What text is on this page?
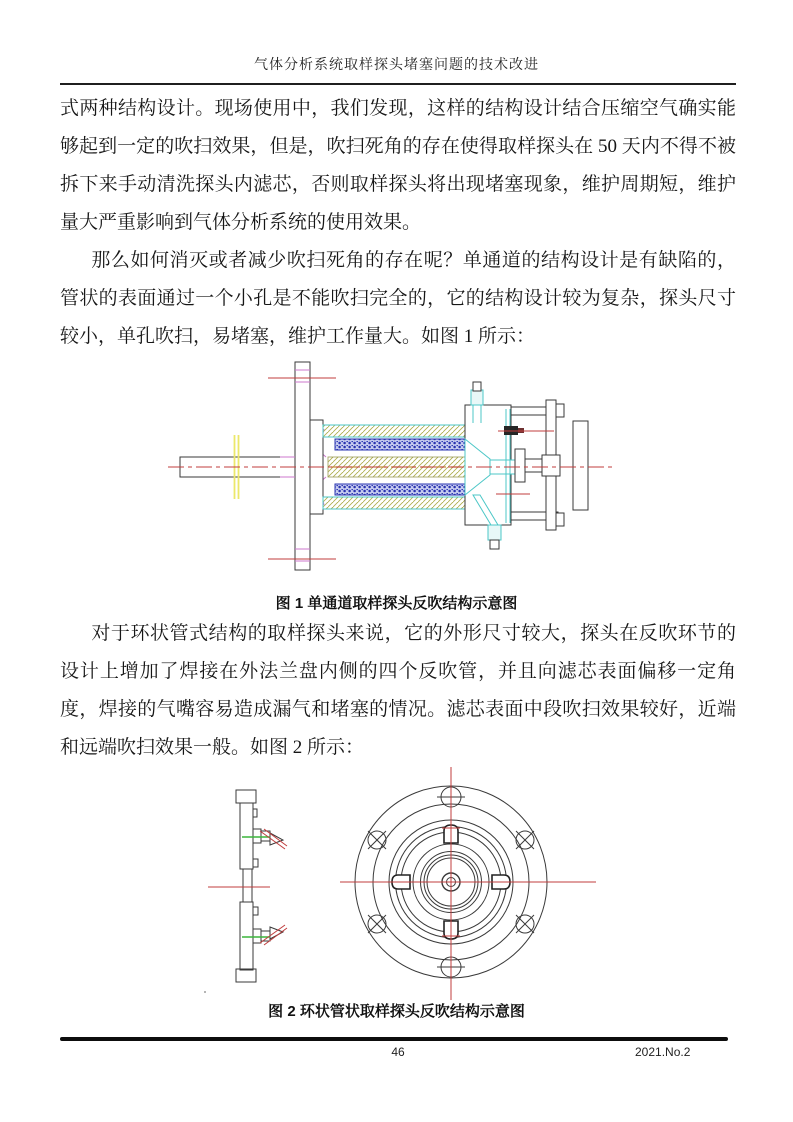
气体分析系统取样探头堵塞问题的技术改进

式两种结构设计。现场使用中，我们发现，这样的结构设计结合压缩空气确实能够起到一定的吹扫效果，但是，吹扫死角的存在使得取样探头在 50 天内不得不被拆下来手动清洗探头内滤芯，否则取样探头将出现堵塞现象，维护周期短，维护量大严重影响到气体分析系统的使用效果。

那么如何消灭或者减少吹扫死角的存在呢？单通道的结构设计是有缺陷的，管状的表面通过一个小孔是不能吹扫完全的，它的结构设计较为复杂，探头尺寸较小，单孔吹扫，易堵塞，维护工作量大。如图 1 所示：

图 1 单通道取样探头反吹结构示意图

对于环状管式结构的取样探头来说，它的外形尺寸较大，探头在反吹环节的设计上增加了焊接在外法兰盘内侧的四个反吹管，并且向滤芯表面偏移一定角度，焊接的气嘴容易造成漏气和堵塞的情况。滤芯表面中段吹扫效果较好，近端和远端吹扫效果一般。如图 2 所示：

图 2 环状管状取样探头反吹结构示意图
46	2021.No.2
